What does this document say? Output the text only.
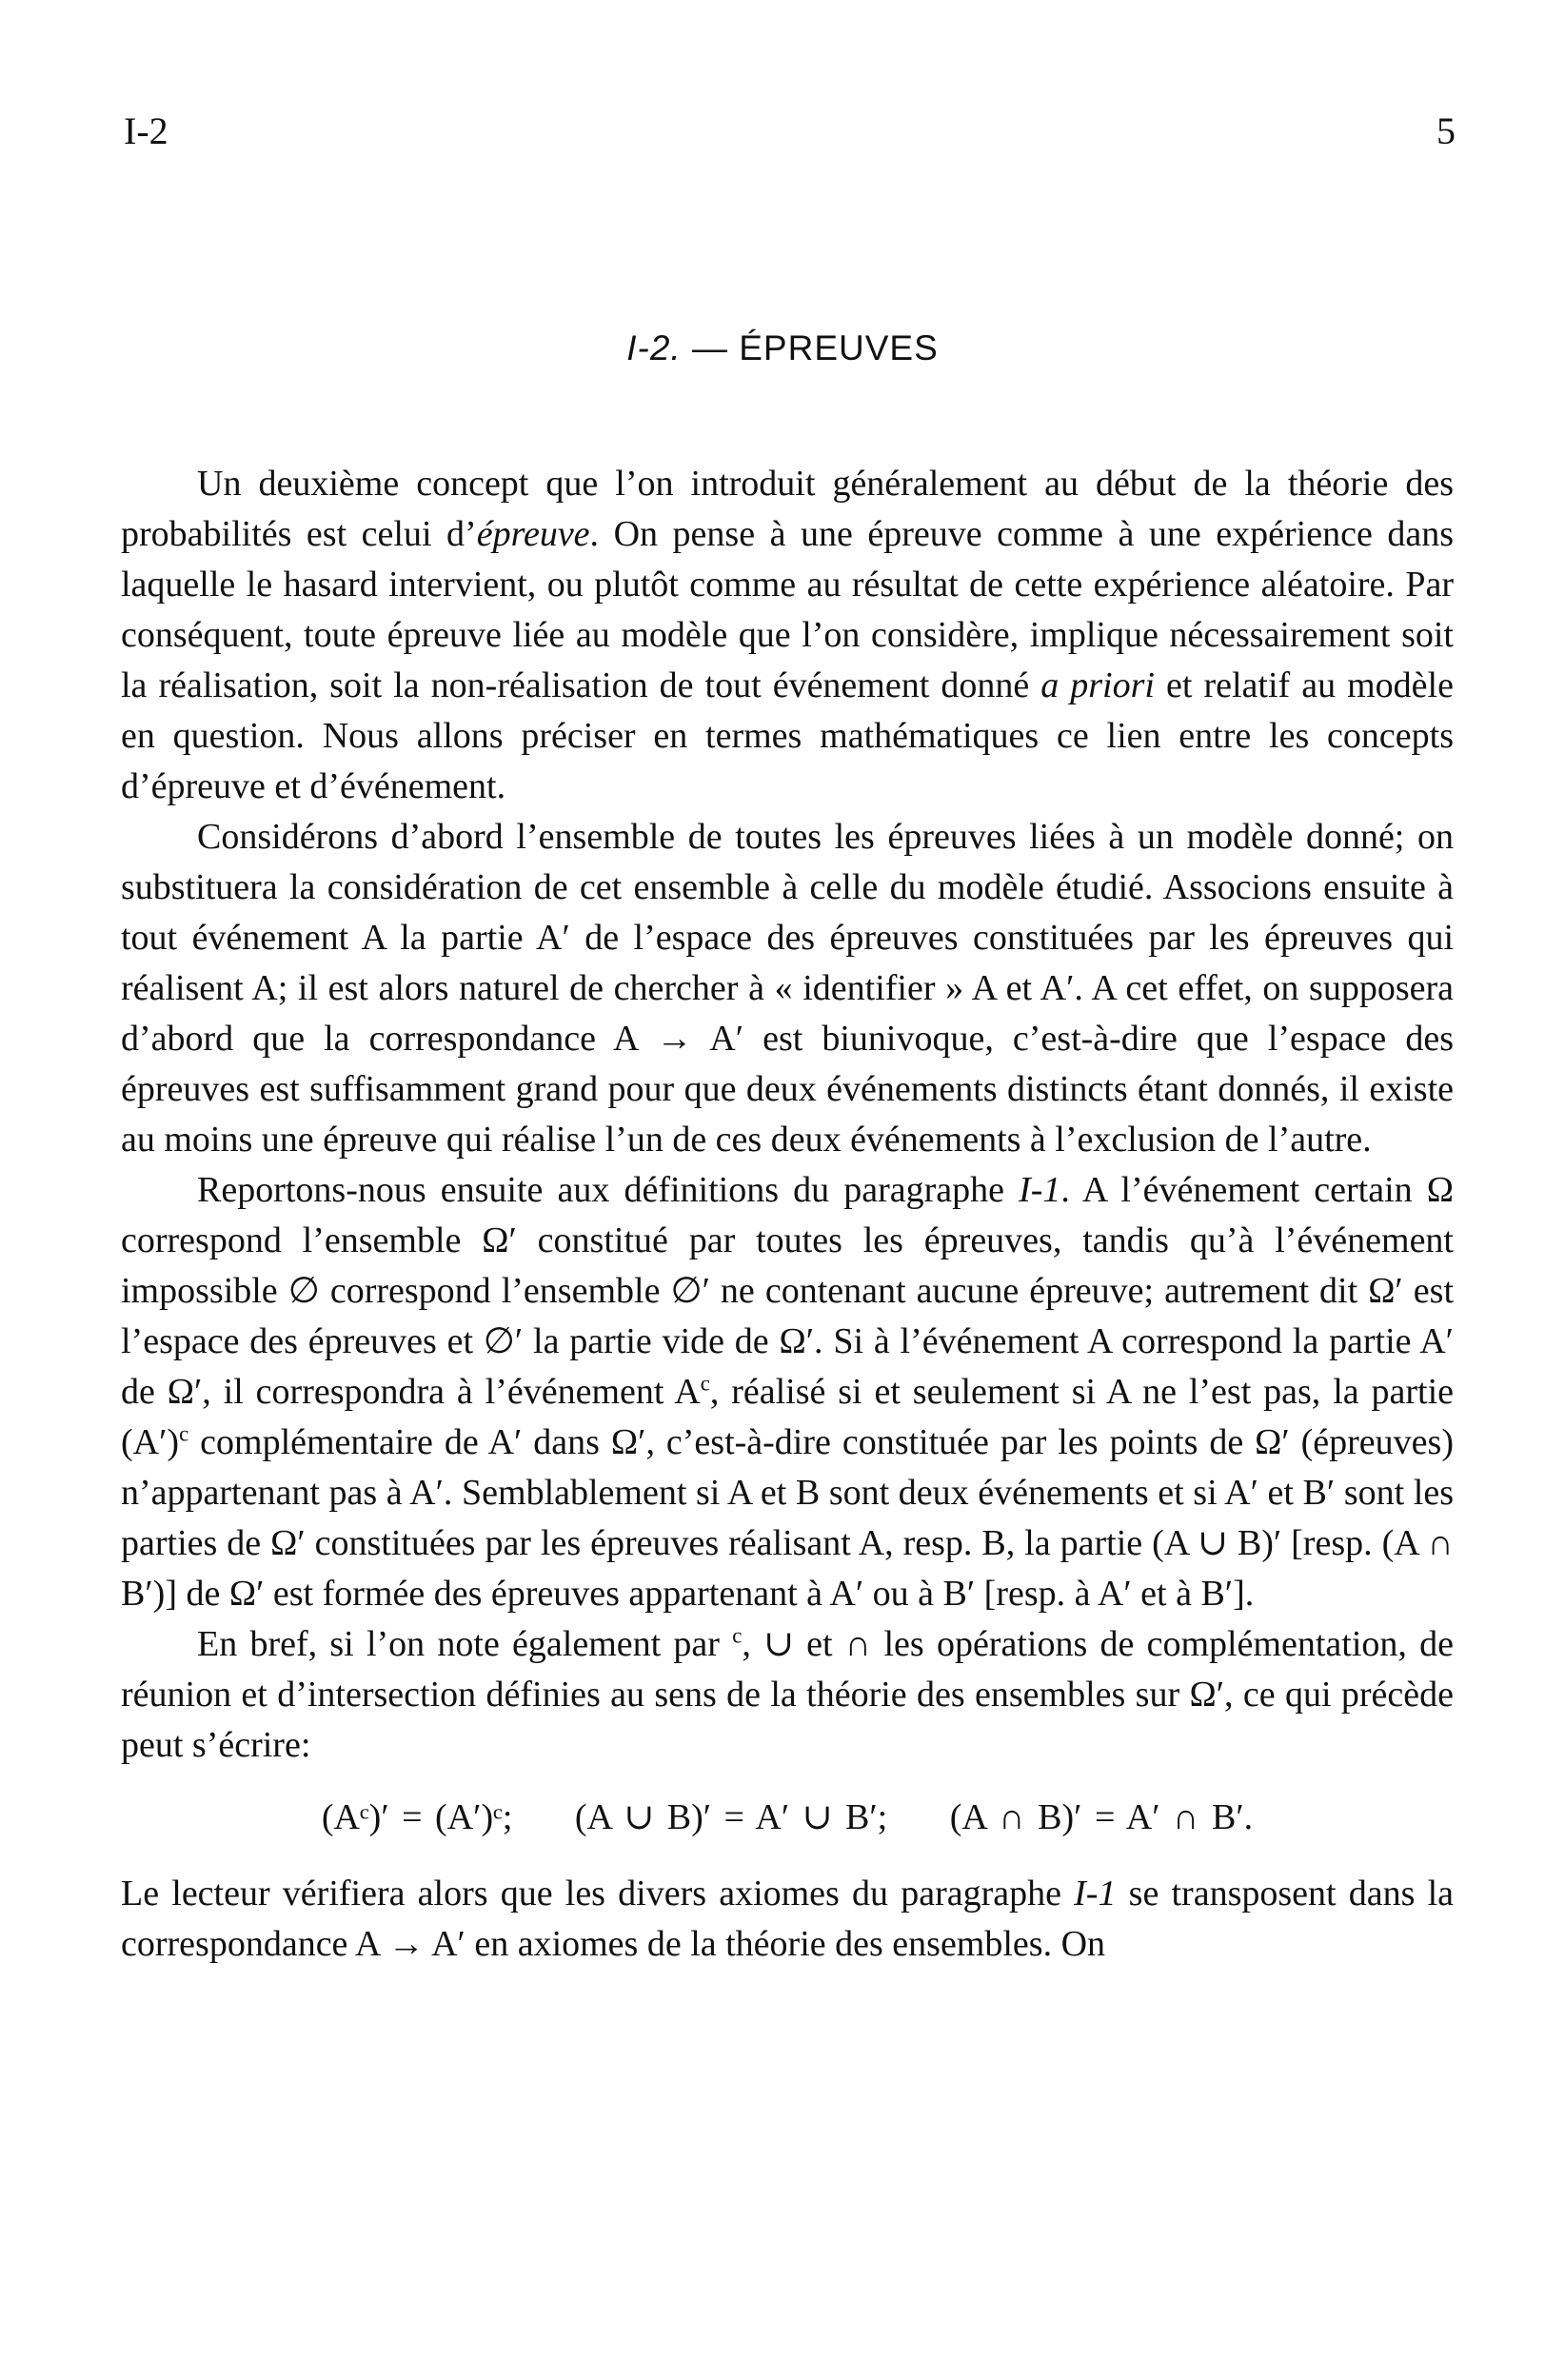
I-2	5
I-2. — ÉPREUVES

Un deuxième concept que l’on introduit généralement au début de la théorie des probabilités est celui d’épreuve. On pense à une épreuve comme à une expérience dans laquelle le hasard intervient, ou plutôt comme au résultat de cette expérience aléatoire. Par conséquent, toute épreuve liée au modèle que l’on considère, implique nécessairement soit la réalisation, soit la non-réalisation de tout événement donné a priori et relatif au modèle en question. Nous allons préciser en termes mathématiques ce lien entre les concepts d’épreuve et d’événement.

Considérons d’abord l’ensemble de toutes les épreuves liées à un modèle donné; on substituera la considération de cet ensemble à celle du modèle étudié. Associons ensuite à tout événement A la partie A′ de l’espace des épreuves constituées par les épreuves qui réalisent A; il est alors naturel de chercher à « identifier » A et A′. A cet effet, on supposera d’abord que la correspondance A → A′ est biunivoque, c’est-à-dire que l’espace des épreuves est suffisamment grand pour que deux événements distincts étant donnés, il existe au moins une épreuve qui réalise l’un de ces deux événements à l’exclusion de l’autre.

Reportons-nous ensuite aux définitions du paragraphe I-1. A l’événement certain Ω correspond l’ensemble Ω′ constitué par toutes les épreuves, tandis qu’à l’événement impossible ∅ correspond l’ensemble ∅′ ne contenant aucune épreuve; autrement dit Ω′ est l’espace des épreuves et ∅′ la partie vide de Ω′. Si à l’événement A correspond la partie A′ de Ω′, il correspondra à l’événement $A^c$, réalisé si et seulement si A ne l’est pas, la partie $(A')^c$ complémentaire de A′ dans Ω′, c’est-à-dire constituée par les points de Ω′ (épreuves) n’appartenant pas à A′. Semblablement si A et B sont deux événements et si A′ et B′ sont les parties de Ω′ constituées par les épreuves réalisant A, resp. B, la partie (A ∪ B)′ [resp. (A ∩ B′)] de Ω′ est formée des épreuves appartenant à A′ ou à B′ [resp. à A′ et à B′].

En bref, si l’on note également par $^c$, ∪ et ∩ les opérations de complémentation, de réunion et d’intersection définies au sens de la théorie des ensembles sur Ω′, ce qui précède peut s’écrire:

(Aᶜ)′ = (A′)ᶜ; (A ∪ B)′ = A′ ∪ B′; (A ∩ B)′ = A′ ∩ B′.

Le lecteur vérifiera alors que les divers axiomes du paragraphe I-1 se transposent dans la correspondance A → A′ en axiomes de la théorie des ensembles. On
